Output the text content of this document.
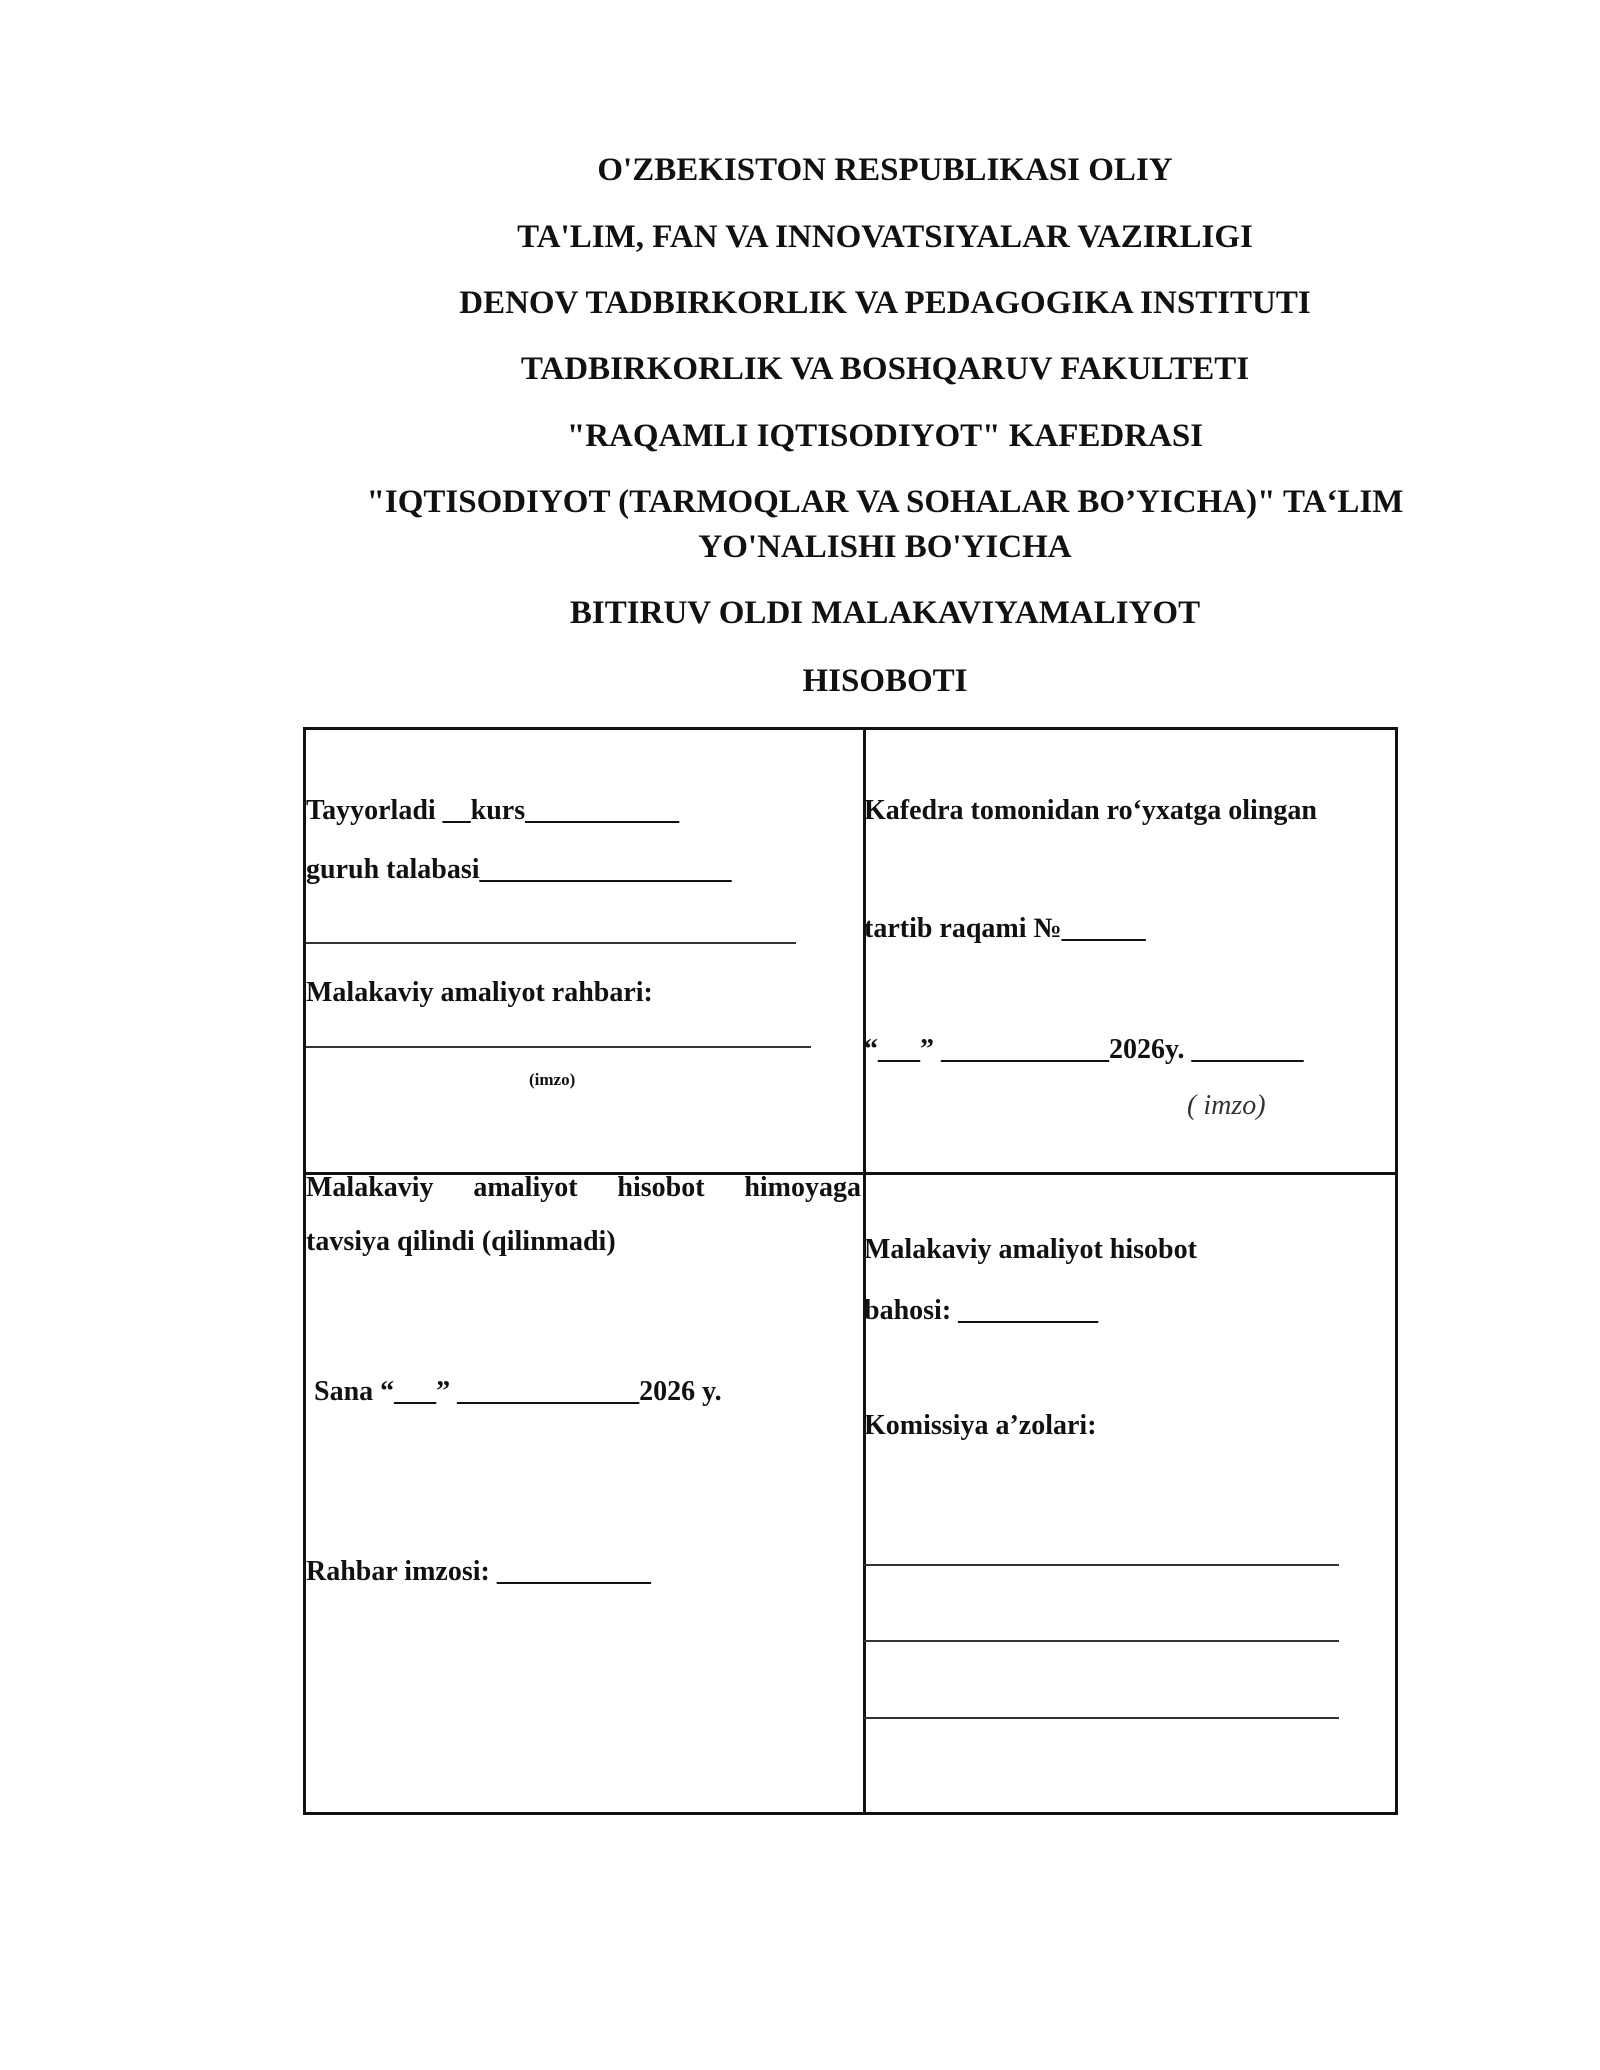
O'ZBEKISTON RESPUBLIKASI OLIY
TA'LIM, FAN VA INNOVATSIYALAR VAZIRLIGI
DENOV TADBIRKORLIK VA PEDAGOGIKA INSTITUTI
TADBIRKORLIK VA BOSHQARUV FAKULTETI
"RAQAMLI IQTISODIYOT" KAFEDRASI
"IQTISODIYOT (TARMOQLAR VA SOHALAR BO’YICHA)" TA‘LIM
YO'NALISHI BO'YICHA
BITIRUV OLDI MALAKAVIYAMALIYOT
HISOBOTI
Tayyorladi __kurs___________
guruh talabasi__________________
Malakaviy amaliyot rahbari:
(imzo)
Kafedra tomonidan ro‘yxatga olingan
tartib raqami №______
“___” ____________2026y. ________
( imzo)
Malakaviy amaliyot hisobot himoyaga
tavsiya qilindi (qilinmadi)
Sana “___” _____________2026 y.
Rahbar imzosi: ___________
Malakaviy amaliyot hisobot
bahosi: __________
Komissiya a’zolari:
